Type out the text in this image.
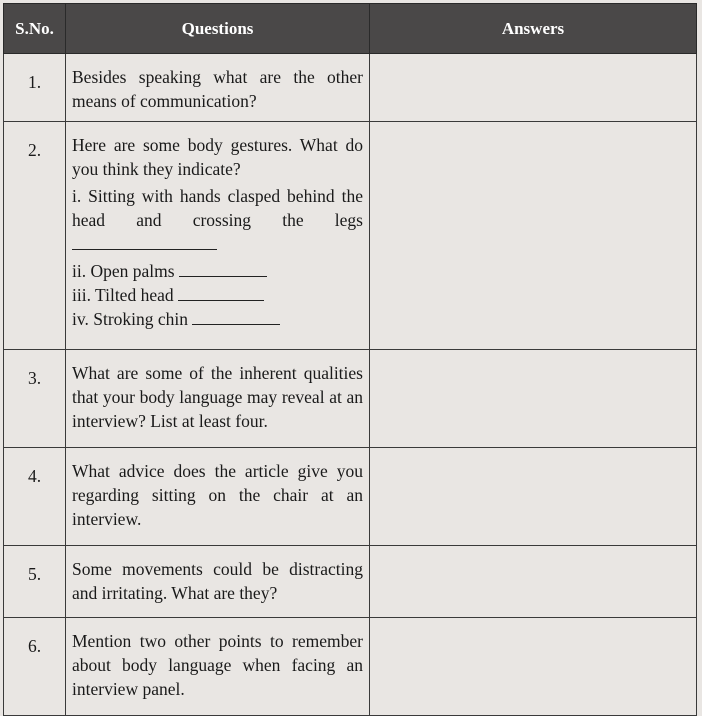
S.No.	Questions	Answers
1.	Besides speaking what are the other means of communication?	
2.	Here are some body gestures. What do you think they indicate?
i. Sitting with hands clasped behind the head and crossing the legs
ii. Open palms
iii. Tilted head
iv. Stroking chin	

3.	What are some of the inherent qualities that your body language may reveal at an interview? List at least four.	
4.	What advice does the article give you regarding sitting on the chair at an interview.	
5.	Some movements could be distracting and irritating. What are they?	
6.	Mention two other points to remember about body language when facing an interview panel.	
